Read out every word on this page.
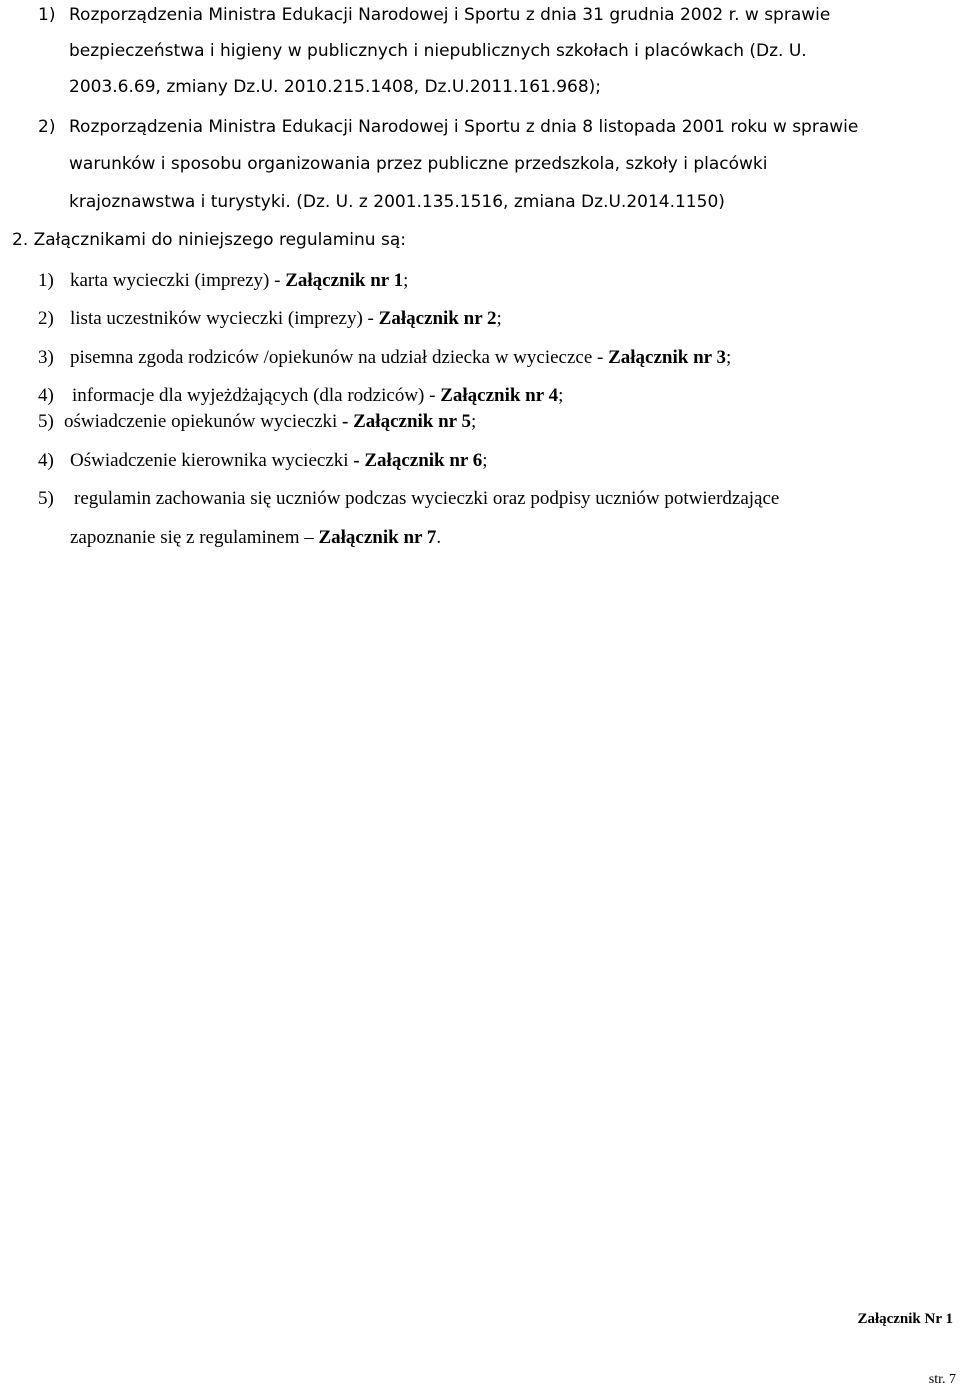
1) Rozporządzenia Ministra Edukacji Narodowej i Sportu z dnia 31 grudnia 2002 r. w sprawie
bezpieczeństwa i higieny w publicznych i niepublicznych szkołach i placówkach (Dz. U.
2003.6.69, zmiany Dz.U. 2010.215.1408, Dz.U.2011.161.968);
2) Rozporządzenia Ministra Edukacji Narodowej i Sportu z dnia 8 listopada 2001 roku w sprawie
warunków i sposobu organizowania przez publiczne przedszkola, szkoły i placówki
krajoznawstwa i turystyki. (Dz. U. z 2001.135.1516, zmiana Dz.U.2014.1150)
2. Załącznikami do niniejszego regulaminu są:
1) karta wycieczki (imprezy) - Załącznik nr 1;
2) lista uczestników wycieczki (imprezy) - Załącznik nr 2;
3) pisemna zgoda rodziców /opiekunów na udział dziecka w wycieczce - Załącznik nr 3;
4) informacje dla wyjeżdżających (dla rodziców) - Załącznik nr 4;
5) oświadczenie opiekunów wycieczki - Załącznik nr 5;
4) Oświadczenie kierownika wycieczki - Załącznik nr 6;
5) regulamin zachowania się uczniów podczas wycieczki oraz podpisy uczniów potwierdzające
zapoznanie się z regulaminem – Załącznik nr 7.
Załącznik Nr 1
str. 7
